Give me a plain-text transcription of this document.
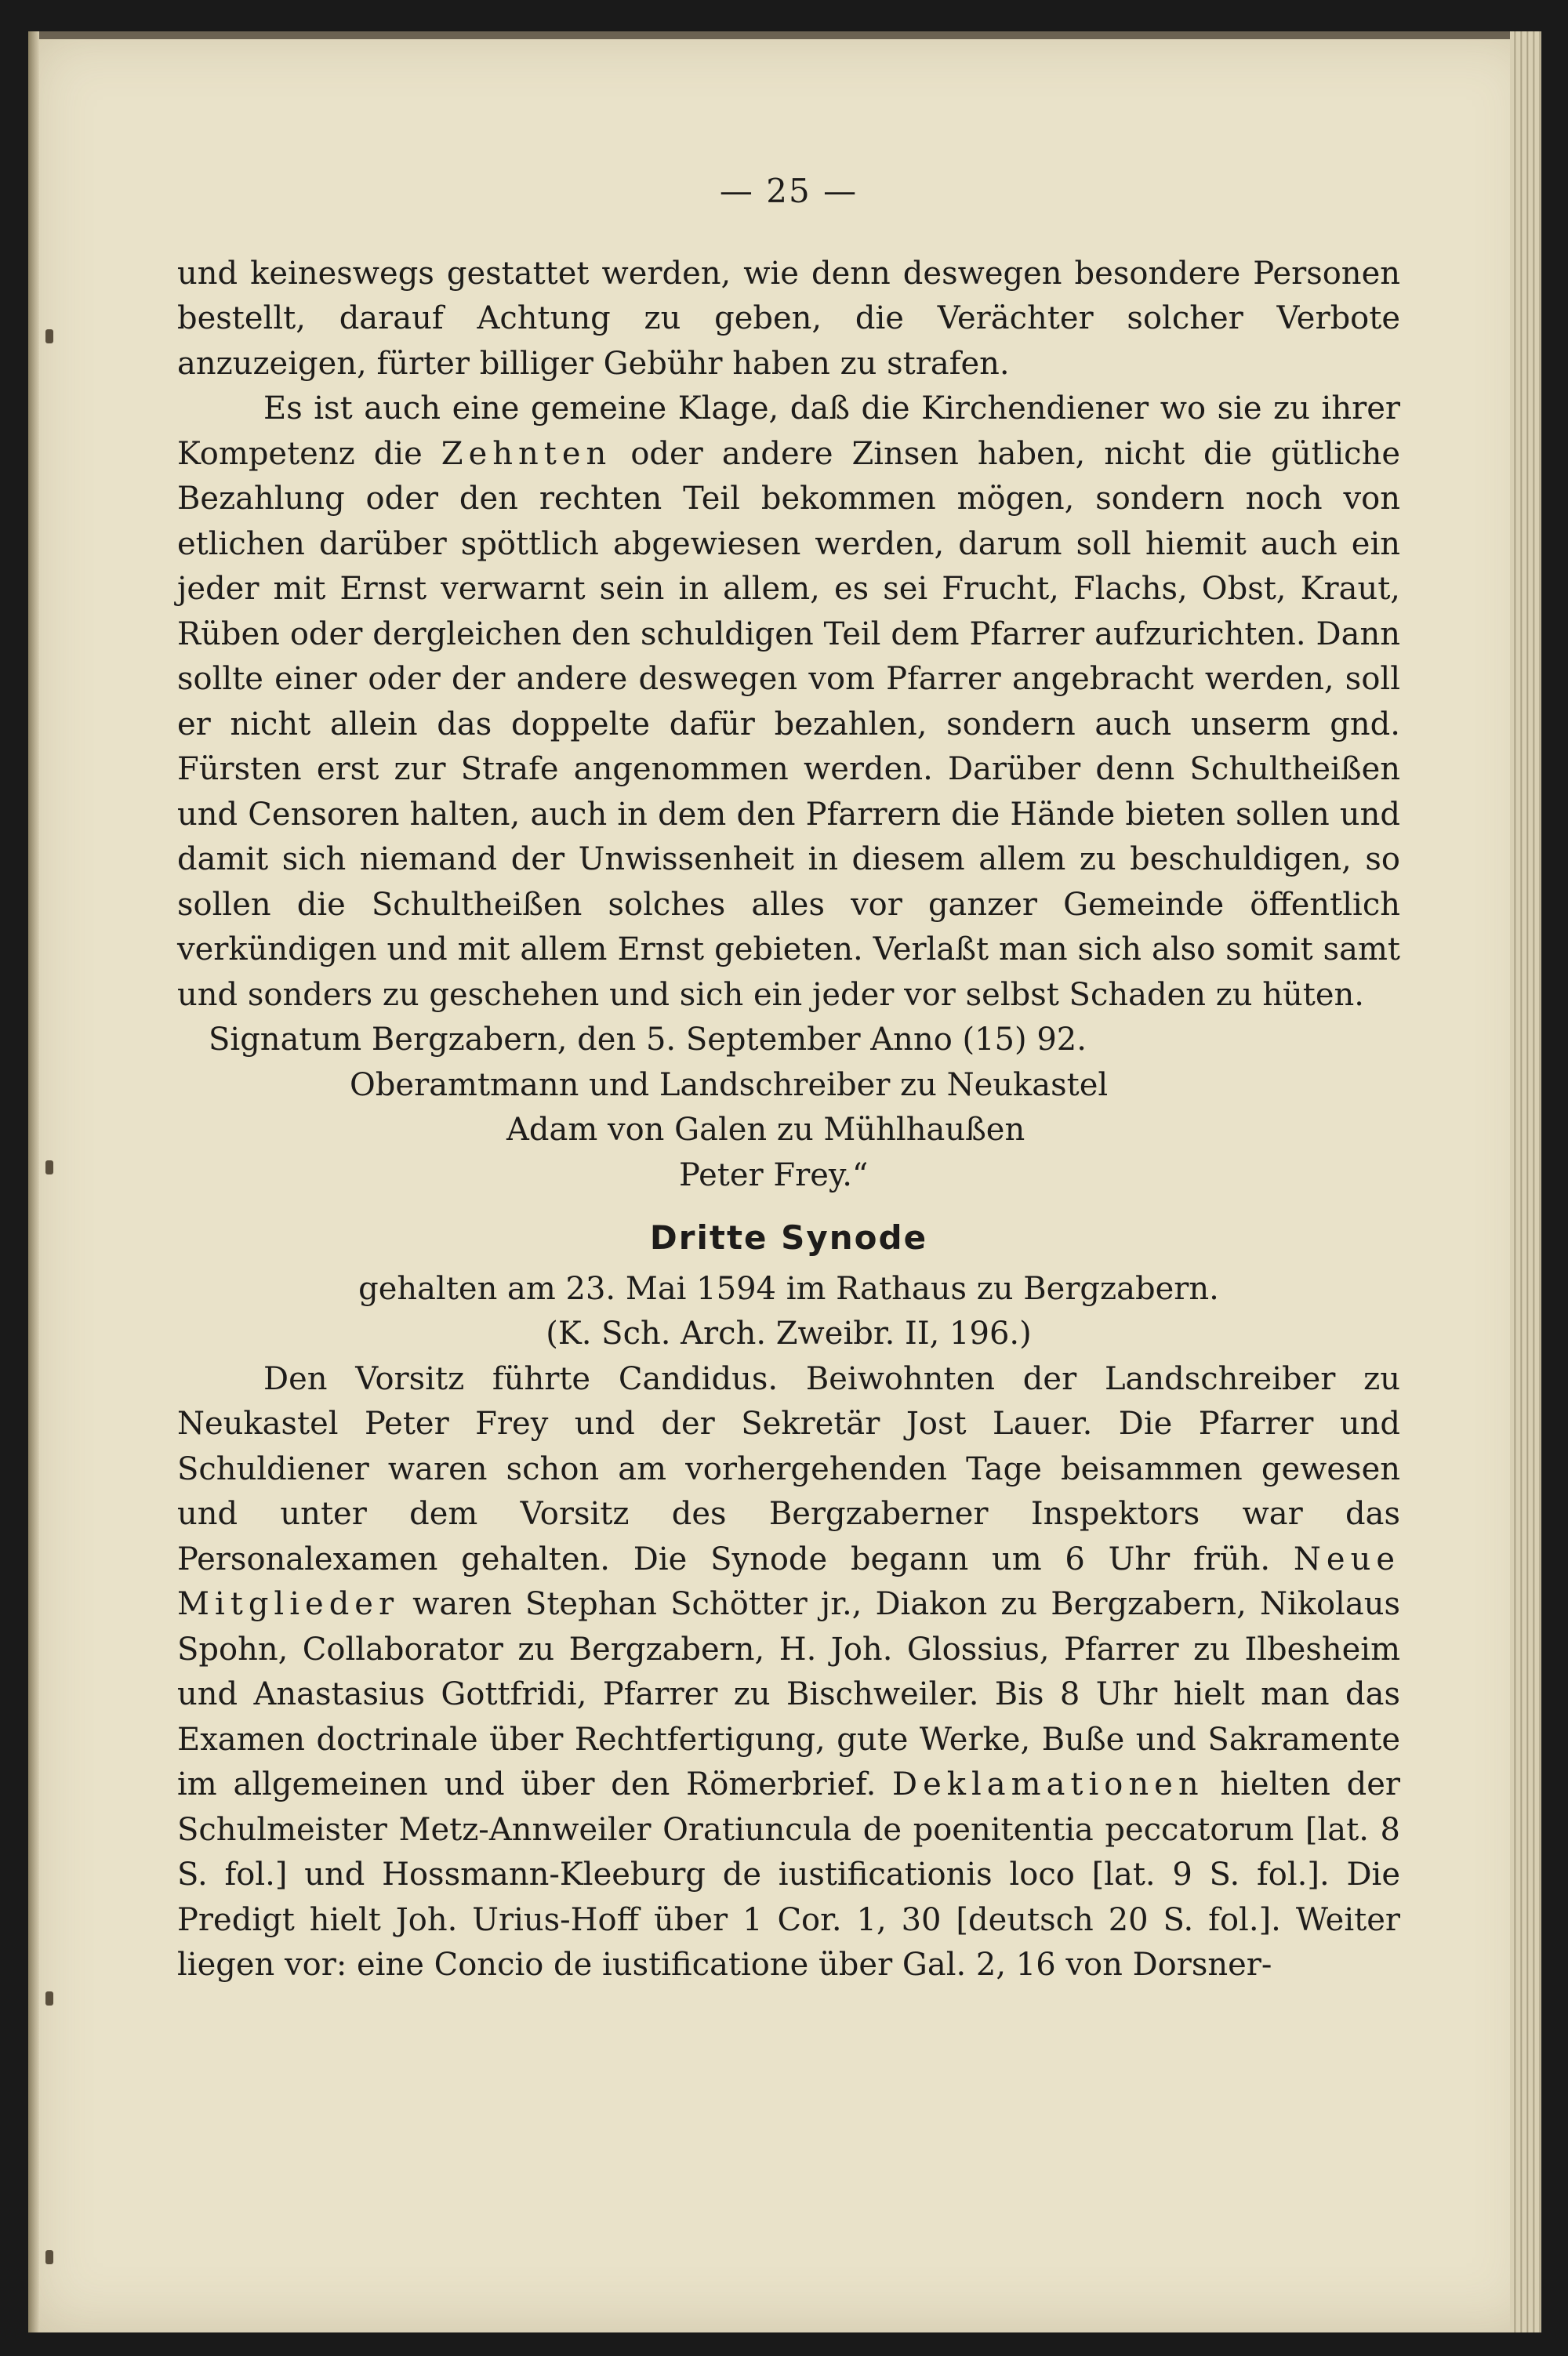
— 25 —

und keineswegs gestattet werden, wie denn deswegen besondere Personen bestellt, darauf Achtung zu geben, die Verächter solcher Verbote anzuzeigen, fürter billiger Gebühr haben zu strafen.

Es ist auch eine gemeine Klage, daß die Kirchendiener wo sie zu ihrer Kompetenz die Zehnten oder andere Zinsen haben, nicht die gütliche Bezahlung oder den rechten Teil bekommen mögen, sondern noch von etlichen darüber spöttlich abgewiesen werden, darum soll hiemit auch ein jeder mit Ernst verwarnt sein in allem, es sei Frucht, Flachs, Obst, Kraut, Rüben oder dergleichen den schuldigen Teil dem Pfarrer aufzurichten. Dann sollte einer oder der andere deswegen vom Pfarrer angebracht werden, soll er nicht allein das doppelte dafür bezahlen, sondern auch unserm gnd. Fürsten erst zur Strafe angenommen werden. Darüber denn Schultheißen und Censoren halten, auch in dem den Pfarrern die Hände bieten sollen und damit sich niemand der Unwissenheit in diesem allem zu beschuldigen, so sollen die Schultheißen solches alles vor ganzer Gemeinde öffentlich verkündigen und mit allem Ernst gebieten. Verlaßt man sich also somit samt und sonders zu geschehen und sich ein jeder vor selbst Schaden zu hüten.

Signatum Bergzabern, den 5. September Anno (15) 92.

Oberamtmann und Landschreiber zu Neukastel

Adam von Galen zu Mühlhaußen

Peter Frey.“

Dritte Synode

gehalten am 23. Mai 1594 im Rathaus zu Bergzabern.

(K. Sch. Arch. Zweibr. II, 196.)

Den Vorsitz führte Candidus. Beiwohnten der Landschreiber zu Neukastel Peter Frey und der Sekretär Jost Lauer. Die Pfarrer und Schuldiener waren schon am vorhergehenden Tage beisammen gewesen und unter dem Vorsitz des Bergzaberner Inspektors war das Personalexamen gehalten. Die Synode begann um 6 Uhr früh. Neue Mitglieder waren Stephan Schötter jr., Diakon zu Bergzabern, Nikolaus Spohn, Collaborator zu Bergzabern, H. Joh. Glossius, Pfarrer zu Ilbesheim und Anastasius Gottfridi, Pfarrer zu Bischweiler. Bis 8 Uhr hielt man das Examen doctrinale über Rechtfertigung, gute Werke, Buße und Sakramente im allgemeinen und über den Römerbrief. Deklamationen hielten der Schulmeister Metz-Annweiler Oratiuncula de poenitentia peccatorum [lat. 8 S. fol.] und Hossmann-Kleeburg de iustificationis loco [lat. 9 S. fol.]. Die Predigt hielt Joh. Urius-Hoff über 1 Cor. 1, 30 [deutsch 20 S. fol.]. Weiter liegen vor: eine Concio de iustificatione über Gal. 2, 16 von Dorsner-
